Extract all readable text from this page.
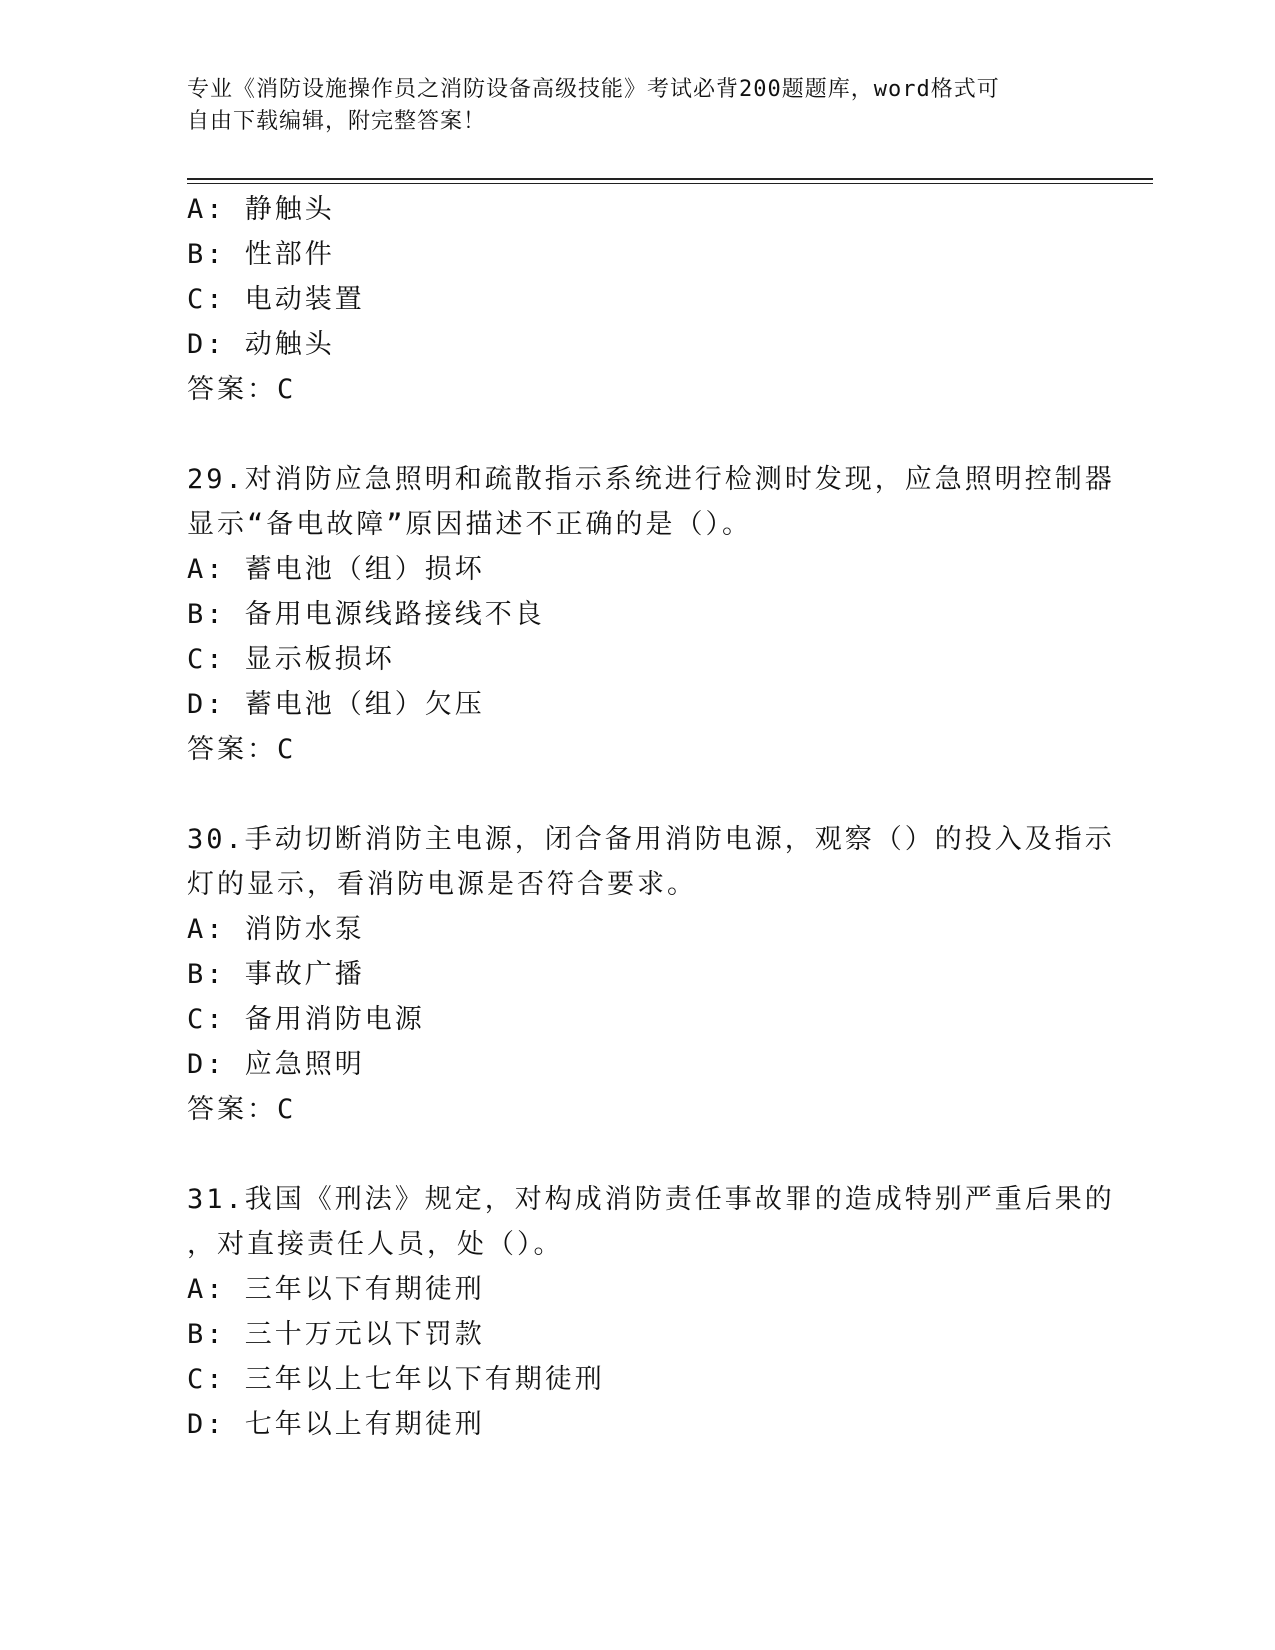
专业《消防设施操作员之消防设备高级技能》考试必背200题题库，word格式可
自由下载编辑，附完整答案！
A: 静触头
B: 性部件
C: 电动装置
D: 动触头
答案：C
29.对消防应急照明和疏散指示系统进行检测时发现，应急照明控制器
显示“备电故障”原因描述不正确的是（）。
A: 蓄电池（组）损坏
B: 备用电源线路接线不良
C: 显示板损坏
D: 蓄电池（组）欠压
答案：C
30.手动切断消防主电源，闭合备用消防电源，观察（）的投入及指示
灯的显示，看消防电源是否符合要求。
A: 消防水泵
B: 事故广播
C: 备用消防电源
D: 应急照明
答案：C
31.我国《刑法》规定，对构成消防责任事故罪的造成特别严重后果的
，对直接责任人员，处（）。
A: 三年以下有期徒刑
B: 三十万元以下罚款
C: 三年以上七年以下有期徒刑
D: 七年以上有期徒刑
